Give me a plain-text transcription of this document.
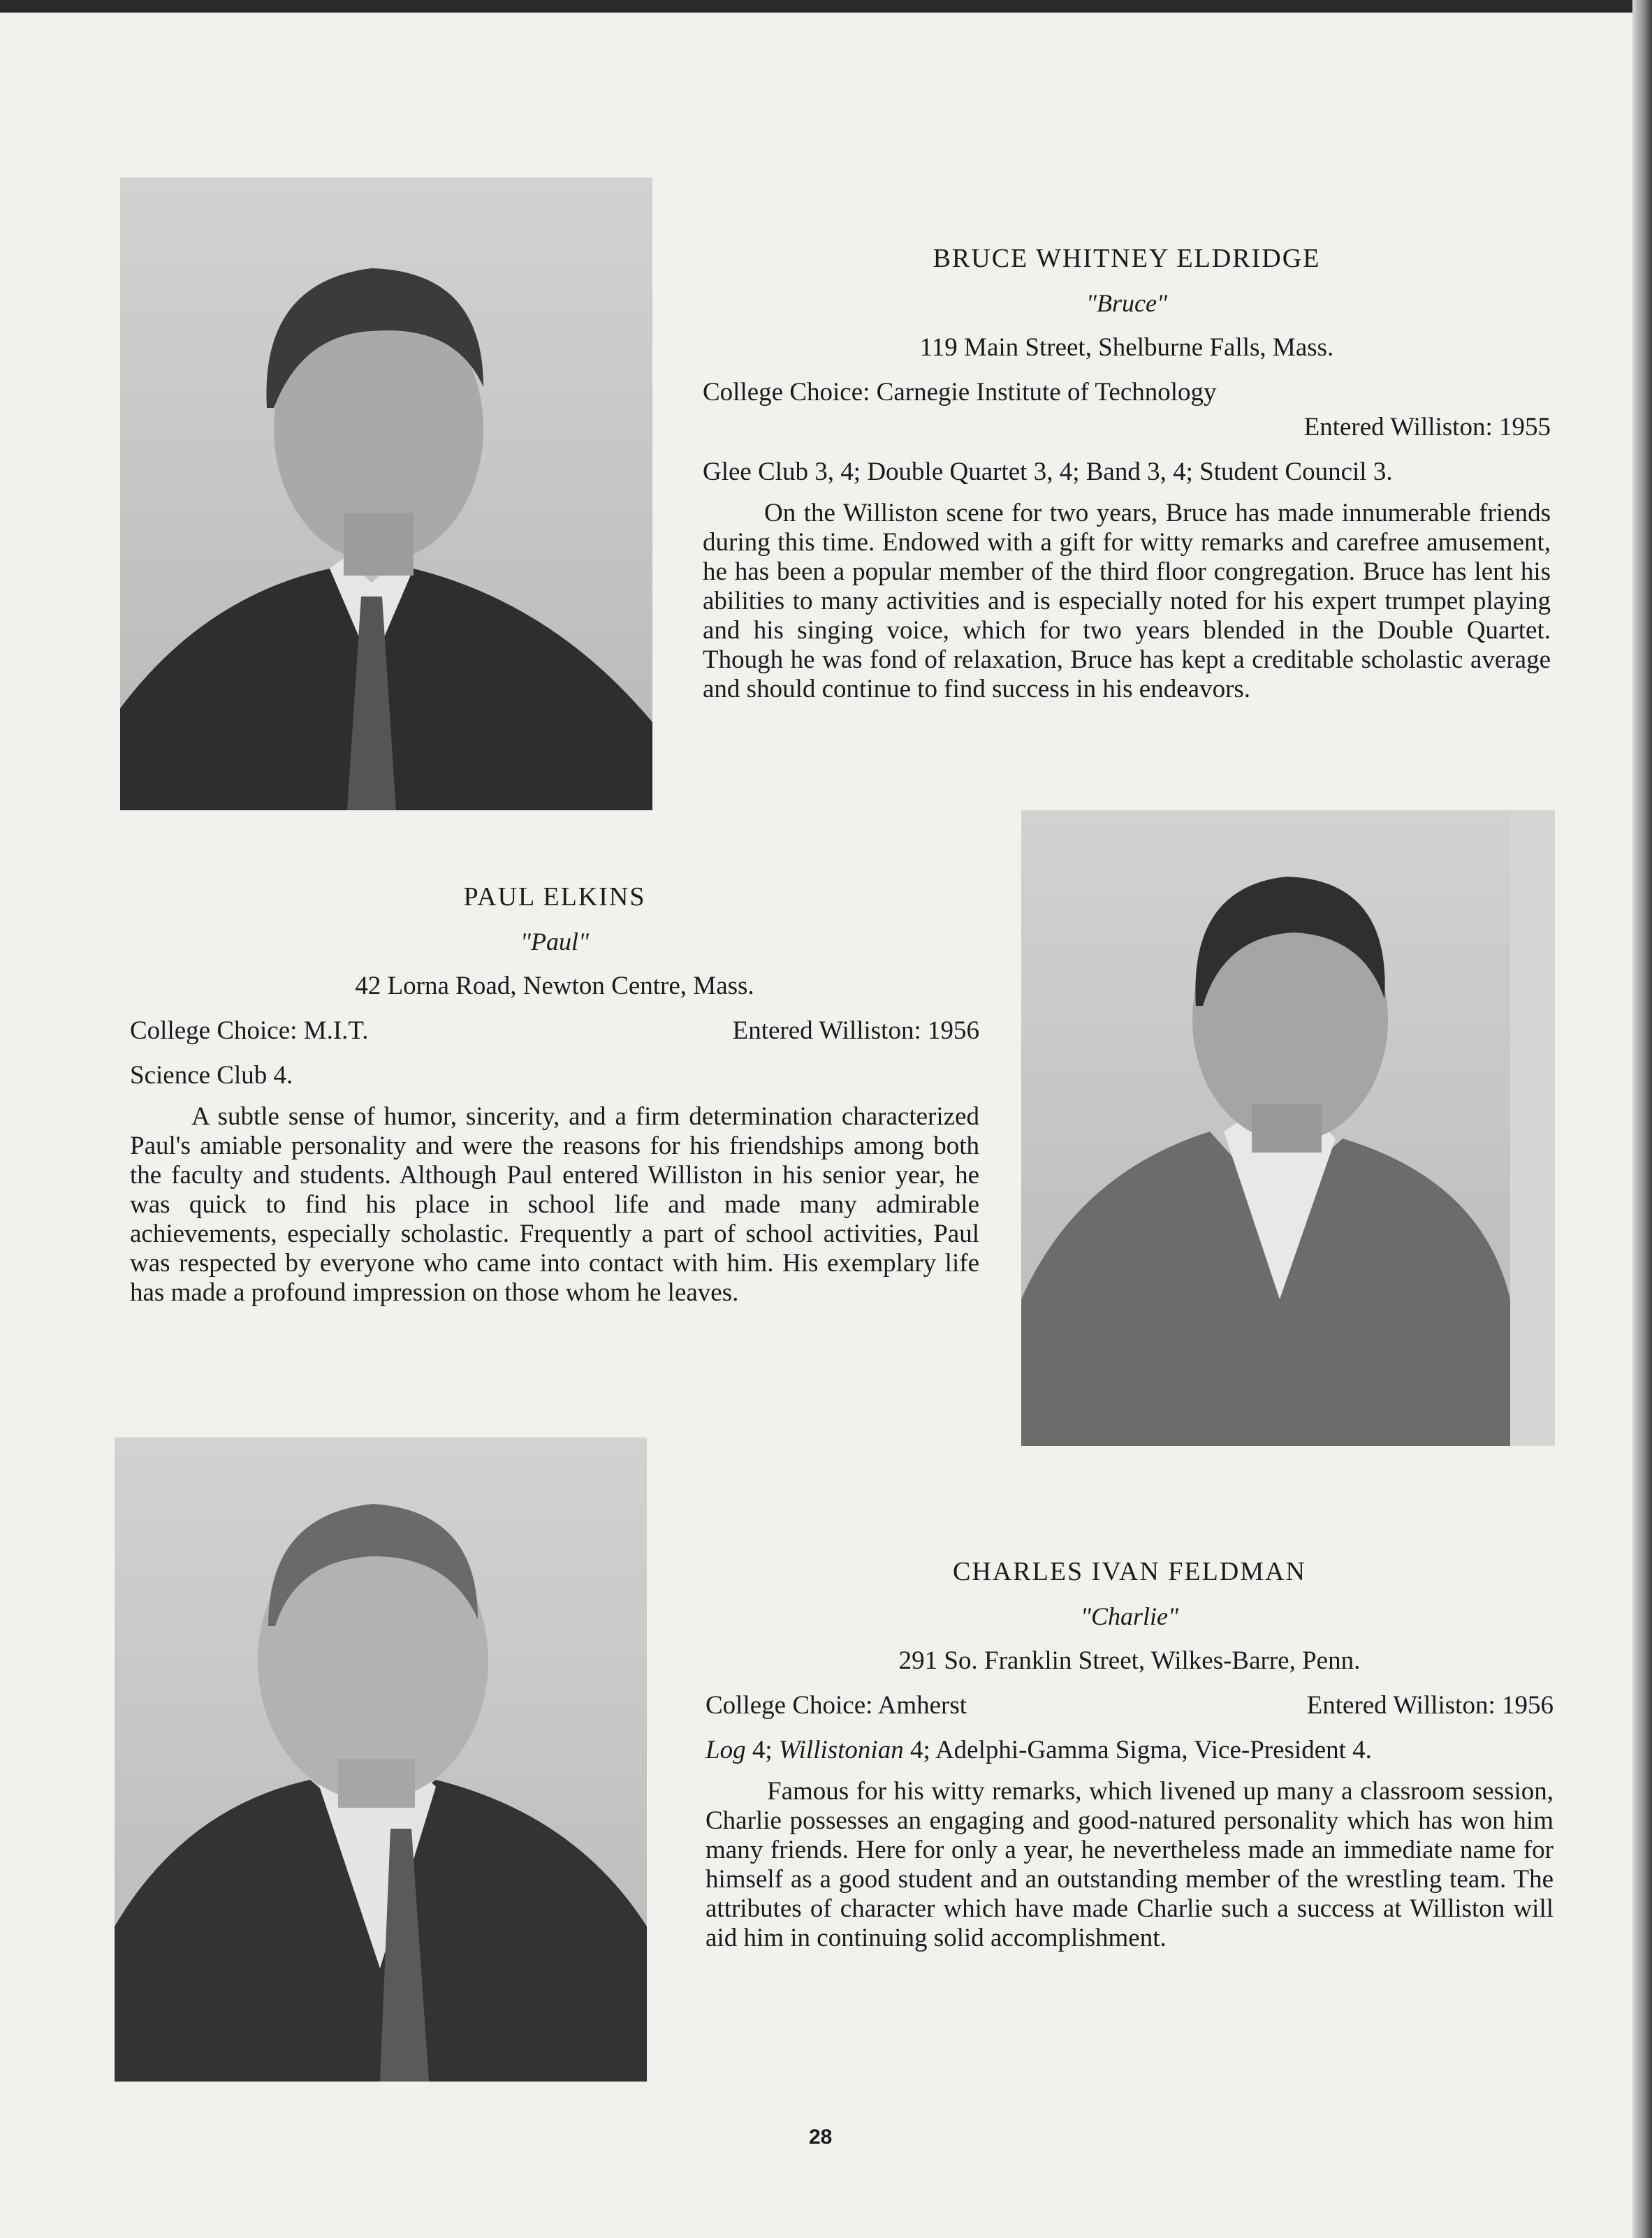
BRUCE WHITNEY ELDRIDGE
"Bruce"
119 Main Street, Shelburne Falls, Mass.
College Choice: Carnegie Institute of Technology
Entered Williston: 1955
Glee Club 3, 4; Double Quartet 3, 4; Band 3, 4; Student Council 3.
On the Williston scene for two years, Bruce has made innumerable friends during this time. Endowed with a gift for witty remarks and carefree amusement, he has been a popular member of the third floor congregation. Bruce has lent his abilities to many activities and is especially noted for his expert trumpet playing and his singing voice, which for two years blended in the Double Quartet. Though he was fond of relaxation, Bruce has kept a creditable scholastic average and should continue to find success in his endeavors.
PAUL ELKINS
"Paul"
42 Lorna Road, Newton Centre, Mass.
College Choice: M.I.T.	Entered Williston: 1956
Science Club 4.
A subtle sense of humor, sincerity, and a firm determination characterized Paul's amiable personality and were the reasons for his friendships among both the faculty and students. Although Paul entered Williston in his senior year, he was quick to find his place in school life and made many admirable achievements, especially scholastic. Frequently a part of school activities, Paul was respected by everyone who came into contact with him. His exemplary life has made a profound impression on those whom he leaves.
CHARLES IVAN FELDMAN
"Charlie"
291 So. Franklin Street, Wilkes-Barre, Penn.
College Choice: Amherst	Entered Williston: 1956
Log 4; Willistonian 4; Adelphi-Gamma Sigma, Vice-President 4.
Famous for his witty remarks, which livened up many a classroom session, Charlie possesses an engaging and good-natured personality which has won him many friends. Here for only a year, he nevertheless made an immediate name for himself as a good student and an outstanding member of the wrestling team. The attributes of character which have made Charlie such a success at Williston will aid him in continuing solid accomplishment.
28
